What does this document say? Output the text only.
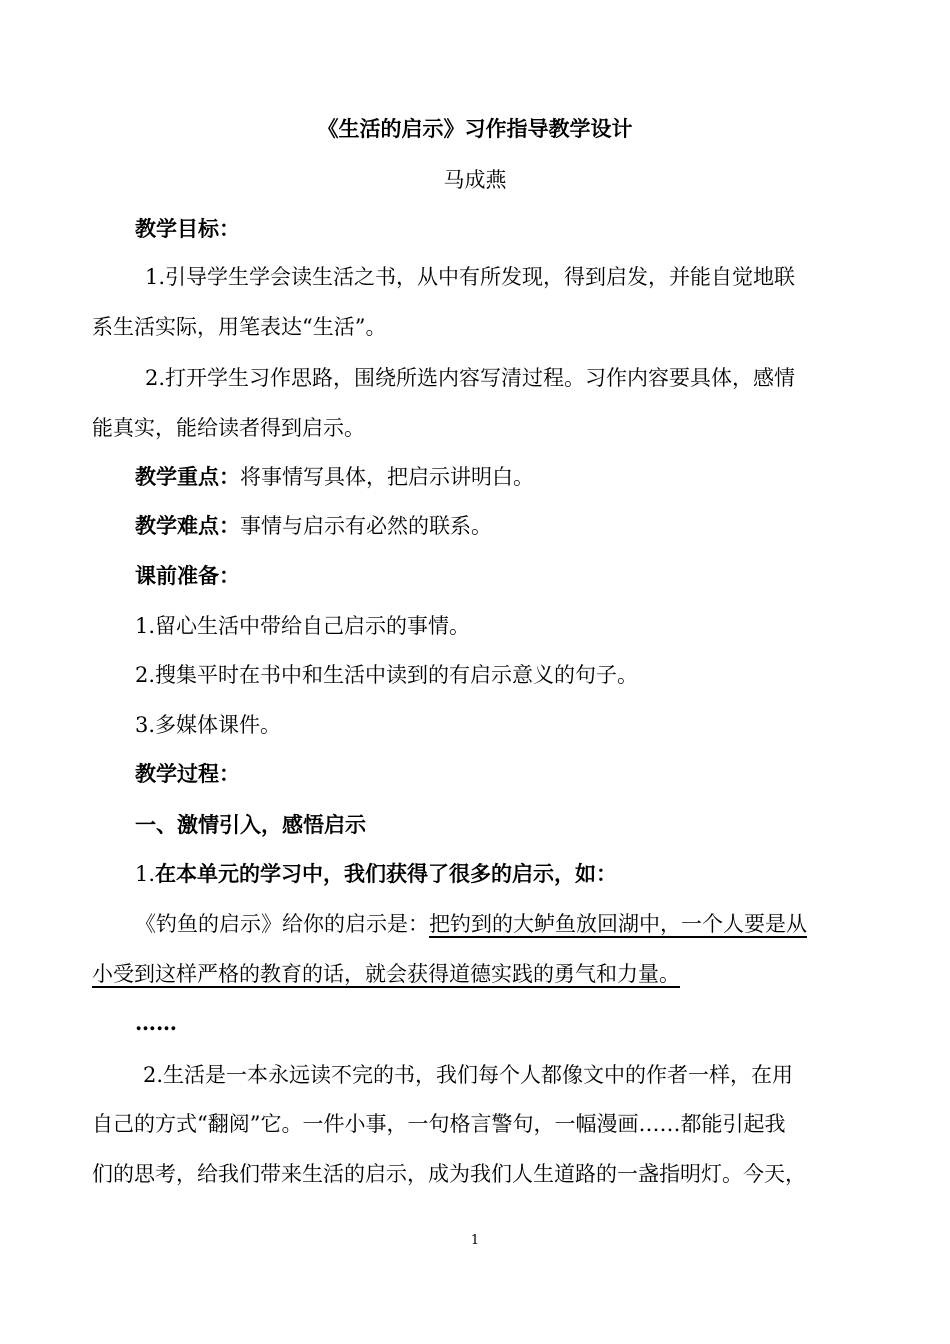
《生活的启示》习作指导教学设计
马成燕
教学目标：
1.引导学生学会读生活之书，从中有所发现，得到启发，并能自觉地联
系生活实际，用笔表达“生活”。
2.打开学生习作思路，围绕所选内容写清过程。习作内容要具体，感情
能真实，能给读者得到启示。
教学重点：将事情写具体，把启示讲明白。
教学难点：事情与启示有必然的联系。
课前准备：
1.留心生活中带给自己启示的事情。
2.搜集平时在书中和生活中读到的有启示意义的句子。
3.多媒体课件。
教学过程：
一、激情引入，感悟启示
1.在本单元的学习中，我们获得了很多的启示，如：
《钓鱼的启示》给你的启示是：把钓到的大鲈鱼放回湖中，一个人要是从
小受到这样严格的教育的话，就会获得道德实践的勇气和力量。
……
2.生活是一本永远读不完的书，我们每个人都像文中的作者一样，在用
自己的方式“翻阅”它。一件小事，一句格言警句，一幅漫画……都能引起我
们的思考，给我们带来生活的启示，成为我们人生道路的一盏指明灯。今天，
1
